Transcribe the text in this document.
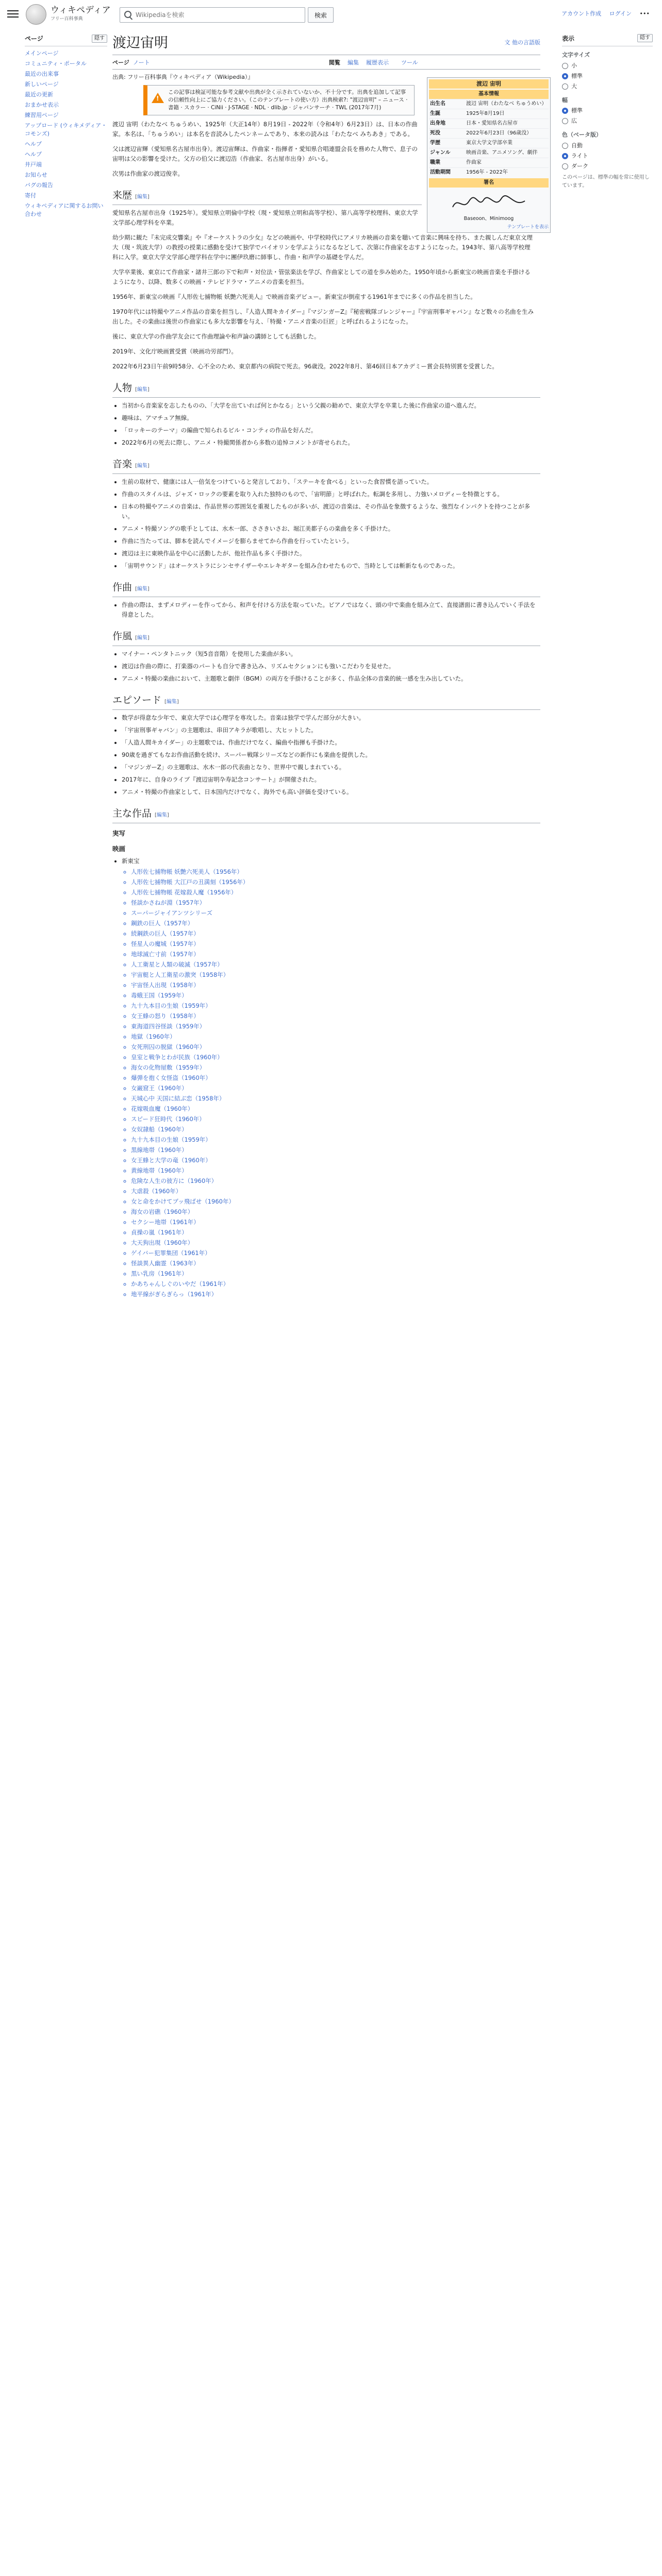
ウィキペディア
フリー百科事典
Wikipediaを検索
検索	アカウント作成 ログイン •••
ページ	隠す
メインページ
コミュニティ・ポータル
最近の出来事
新しいページ
最近の更新
おまかせ表示
練習用ページ
アップロード (ウィキメディア・コモンズ)
ヘルプ
ヘルプ
井戸端
お知らせ
バグの報告
寄付
ウィキペディアに関するお問い合わせ
表示	隠す
文字サイズ
小
標準
大
幅
標準
広
色（ベータ版）
自動
ライト
ダーク
このページは、標準の幅を常に使用しています。
渡辺宙明	文 他の言語版
ページ ノート	閲覧 編集 履歴表示 ツール
出典: フリー百科事典『ウィキペディア（Wikipedia）』
!
この記事は検証可能な参考文献や出典が全く示されていないか、不十分です。出典を追加して記事の信頼性向上にご協力ください。（このテンプレートの使い方）出典検索?: "渡辺宙明" – ニュース · 書籍 · スカラー · CiNii · J-STAGE · NDL · dlib.jp · ジャパンサーチ · TWL (2017年7月)
渡辺 宙明（わたなべ ちゅうめい、1925年（大正14年）8月19日 - 2022年（令和4年）6月23日）は、日本の作曲家。本名は、「ちゅうめい」は本名を音読みしたペンネームであり、本来の読みは「わたなべ みちあき」である。
父は渡辺宙輝（愛知県名古屋市出身）。渡辺宙輝は、作曲家・指揮者・愛知県合唱連盟会長を務めた人物で、息子の宙明は父の影響を受けた。父方の伯父に渡辺浩（作曲家、名古屋市出身）がいる。
次男は作曲家の渡辺俊幸。
来歴 [編集]
愛知県名古屋市出身（1925年）。愛知県立明倫中学校（現・愛知県立明和高等学校）、第八高等学校理科、東京大学文学部心理学科を卒業。
幼少期に観た『未完成交響楽』や『オーケストラの少女』などの映画や、中学校時代にアメリカ映画の音楽を聴いて音楽に興味を持ち、また親しんだ東京文理大（現・筑波大学）の教授の授業に感動を受けて独学でバイオリンを学ぶようになるなどして、次第に作曲家を志すようになった。1943年、第八高等学校理科に入学。東京大学文学部心理学科在学中に團伊玖磨に師事し、作曲・和声学の基礎を学んだ。
大学卒業後、東京にて作曲家・諸井三郎の下で和声・対位法・管弦楽法を学び、作曲家としての道を歩み始めた。1950年頃から新東宝の映画音楽を手掛けるようになり、以降、数多くの映画・テレビドラマ・アニメの音楽を担当。
1956年、新東宝の映画『人形佐七捕物帳 妖艶六死美人』で映画音楽デビュー。新東宝が倒産する1961年までに多くの作品を担当した。
1970年代には特撮やアニメ作品の音楽を担当し、『人造人間キカイダー』『マジンガーZ』『秘密戦隊ゴレンジャー』『宇宙刑事ギャバン』など数々の名曲を生み出した。その楽曲は後世の作曲家にも多大な影響を与え、「特撮・アニメ音楽の巨匠」と呼ばれるようになった。
後に、東京大学の作曲学友会にて作曲理論や和声論の講師としても活動した。
2019年、文化庁映画賞受賞（映画功労部門）。
2022年6月23日午前9時58分、心不全のため、東京都内の病院で死去。96歳没。2022年8月、第46回日本アカデミー賞会長特別賞を受賞した。
人物 [編集]
• 当初から音楽家を志したものの、「大学を出ていれば何とかなる」という父親の勧めで、東京大学を卒業した後に作曲家の道へ進んだ。
• 趣味は、アマチュア無線。
• 「ロッキーのテーマ」の編曲で知られるビル・コンティの作品を好んだ。
• 2022年6月の死去に際し、アニメ・特撮関係者から多数の追悼コメントが寄せられた。
音楽 [編集]
• 生前の取材で、健康には人一倍気をつけていると発言しており、「ステーキを食べる」といった食習慣を語っていた。
• 作曲のスタイルは、ジャズ・ロックの要素を取り入れた独特のもので、「宙明節」と呼ばれた。転調を多用し、力強いメロディーを特徴とする。
• 日本の特撮やアニメの音楽は、作品世界の雰囲気を重視したものが多いが、渡辺の音楽は、その作品を象徴するような、強烈なインパクトを持つことが多い。
• アニメ・特撮ソングの歌手としては、水木一郎、ささきいさお、堀江美都子らの楽曲を多く手掛けた。
• 作曲に当たっては、脚本を読んでイメージを膨らませてから作曲を行っていたという。
• 渡辺は主に東映作品を中心に活動したが、他社作品も多く手掛けた。
• 「宙明サウンド」はオーケストラにシンセサイザーやエレキギターを組み合わせたもので、当時としては斬新なものであった。
作曲 [編集]
• 作曲の際は、まずメロディーを作ってから、和声を付ける方法を取っていた。ピアノではなく、頭の中で楽曲を組み立て、直接譜面に書き込んでいく手法を得意とした。
作風 [編集]
• マイナー・ペンタトニック（短5音音階）を使用した楽曲が多い。
• 渡辺は作曲の際に、打楽器のパートも自分で書き込み、リズムセクションにも強いこだわりを見せた。
• アニメ・特撮の楽曲において、主題歌と劇伴（BGM）の両方を手掛けることが多く、作品全体の音楽的統一感を生み出していた。
エピソード [編集]
• 数学が得意な少年で、東京大学では心理学を専攻した。音楽は独学で学んだ部分が大きい。
• 「宇宙刑事ギャバン」の主題歌は、串田アキラが歌唱し、大ヒットした。
• 「人造人間キカイダー」の主題歌では、作曲だけでなく、編曲や指揮も手掛けた。
• 90歳を過ぎてもなお作曲活動を続け、スーパー戦隊シリーズなどの新作にも楽曲を提供した。
• 「マジンガーZ」の主題歌は、水木一郎の代表曲となり、世界中で親しまれている。
• 2017年に、自身のライブ『渡辺宙明卆寿記念コンサート』が開催された。
• アニメ・特撮の作曲家として、日本国内だけでなく、海外でも高い評価を受けている。
主な作品 [編集]
実写
映画
• 新東宝
◦ 人形佐七捕物帳 妖艶六死美人（1956年）
◦ 人形佐七捕物帳 大江戸の丑満刻（1956年）
◦ 人形佐七捕物帳 花嫁殺人魔（1956年）
◦ 怪談かさねが淵（1957年）
◦ スーパージャイアンツシリーズ
◦ 鋼鉄の巨人（1957年）
◦ 続鋼鉄の巨人（1957年）
◦ 怪星人の魔城（1957年）
◦ 地球滅亡寸前（1957年）
◦ 人工衛星と人類の破滅（1957年）
◦ 宇宙艇と人工衛星の激突（1958年）
◦ 宇宙怪人出現（1958年）
◦ 毒蛾王国（1959年）
◦ 九十九本目の生娘（1959年）
◦ 女王蜂の怒り（1958年）
◦ 東海道四谷怪談（1959年）
◦ 地獄（1960年）
◦ 女死刑囚の脱獄（1960年）
◦ 皇室と戦争とわが民族（1960年）
◦ 海女の化物屋敷（1959年）
◦ 爆弾を抱く女怪盗（1960年）
◦ 女巌窟王（1960年）
◦ 天城心中 天国に結ぶ恋（1958年）
◦ 花嫁吸血魔（1960年）
◦ スピード狂時代（1960年）
◦ 女奴隷船（1960年）
◦ 九十九本目の生娘（1959年）
◦ 黒線地帯（1960年）
◦ 女王蜂と大学の竜（1960年）
◦ 黄線地帯（1960年）
◦ 危険な人生の彼方に（1960年）
◦ 大虐殺（1960年）
◦ 女と命をかけてブッ飛ばせ（1960年）
◦ 海女の岩礁（1960年）
◦ セクシー地帯（1961年）
◦ 貞操の嵐（1961年）
◦ 大天狗出現（1960年）
◦ ゲイバー犯罪集団（1961年）
◦ 怪談異人幽霊（1963年）
◦ 黒い乳房（1961年）
◦ かあちゃんしぐのいやだ（1961年）
◦ 地平線がぎらぎらっ（1961年）
渡辺 宙明
基本情報
出生名	渡辺 宙明（わたなべ ちゅうめい）
生誕	1925年8月19日
出身地	日本・愛知県名古屋市
死没	2022年6月23日（96歳没）
学歴	東京大学文学部卒業
ジャンル	映画音楽、アニメソング、劇伴
職業	作曲家
活動期間	1956年 - 2022年
署名
Baseoon、Minimoog
テンプレートを表示
